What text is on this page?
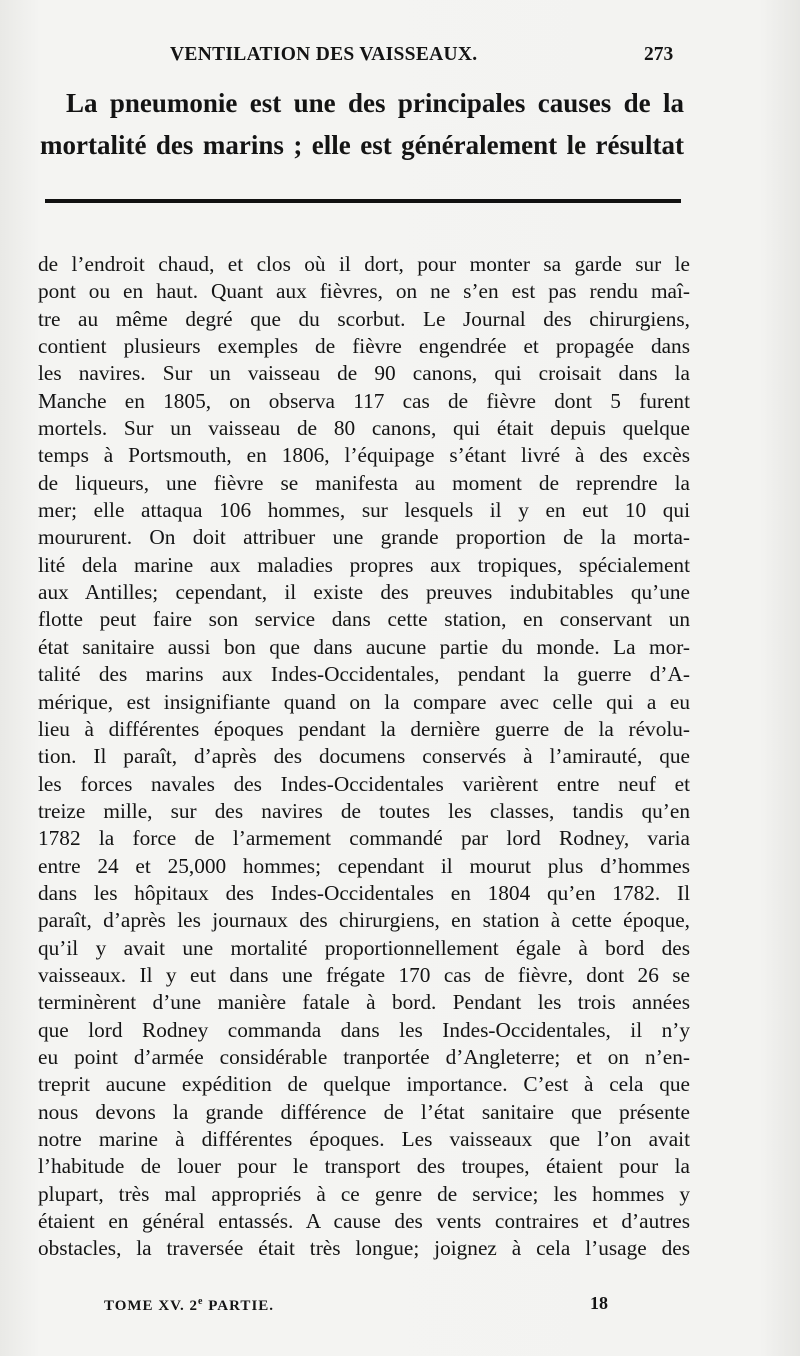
VENTILATION DES VAISSEAUX.	273
La pneumonie est une des principales causes de la mortalité des marins ; elle est généralement le résultat
de l’endroit chaud, et clos où il dort, pour monter sa garde sur le
pont ou en haut. Quant aux fièvres, on ne s’en est pas rendu maî-
tre au même degré que du scorbut. Le Journal des chirurgiens,
contient plusieurs exemples de fièvre engendrée et propagée dans
les navires. Sur un vaisseau de 90 canons, qui croisait dans la
Manche en 1805, on observa 117 cas de fièvre dont 5 furent
mortels. Sur un vaisseau de 80 canons, qui était depuis quelque
temps à Portsmouth, en 1806, l’équipage s’étant livré à des excès
de liqueurs, une fièvre se manifesta au moment de reprendre la
mer; elle attaqua 106 hommes, sur lesquels il y en eut 10 qui
moururent. On doit attribuer une grande proportion de la morta-
lité dela marine aux maladies propres aux tropiques, spécialement
aux Antilles; cependant, il existe des preuves indubitables qu’une
flotte peut faire son service dans cette station, en conservant un
état sanitaire aussi bon que dans aucune partie du monde. La mor-
talité des marins aux Indes-Occidentales, pendant la guerre d’A-
mérique, est insignifiante quand on la compare avec celle qui a eu
lieu à différentes époques pendant la dernière guerre de la révolu-
tion. Il paraît, d’après des documens conservés à l’amirauté, que
les forces navales des Indes-Occidentales varièrent entre neuf et
treize mille, sur des navires de toutes les classes, tandis qu’en
1782 la force de l’armement commandé par lord Rodney, varia
entre 24 et 25,000 hommes; cependant il mourut plus d’hommes
dans les hôpitaux des Indes-Occidentales en 1804 qu’en 1782. Il
paraît, d’après les journaux des chirurgiens, en station à cette époque,
qu’il y avait une mortalité proportionnellement égale à bord des
vaisseaux. Il y eut dans une frégate 170 cas de fièvre, dont 26 se
terminèrent d’une manière fatale à bord. Pendant les trois années
que lord Rodney commanda dans les Indes-Occidentales, il n’y
eu point d’armée considérable tranportée d’Angleterre; et on n’en-
treprit aucune expédition de quelque importance. C’est à cela que
nous devons la grande différence de l’état sanitaire que présente
notre marine à différentes époques. Les vaisseaux que l’on avait
l’habitude de louer pour le transport des troupes, étaient pour la
plupart, très mal appropriés à ce genre de service; les hommes y
étaient en général entassés. A cause des vents contraires et d’autres
obstacles, la traversée était très longue; joignez à cela l’usage des
TOME XV. 2e PARTIE.	18
